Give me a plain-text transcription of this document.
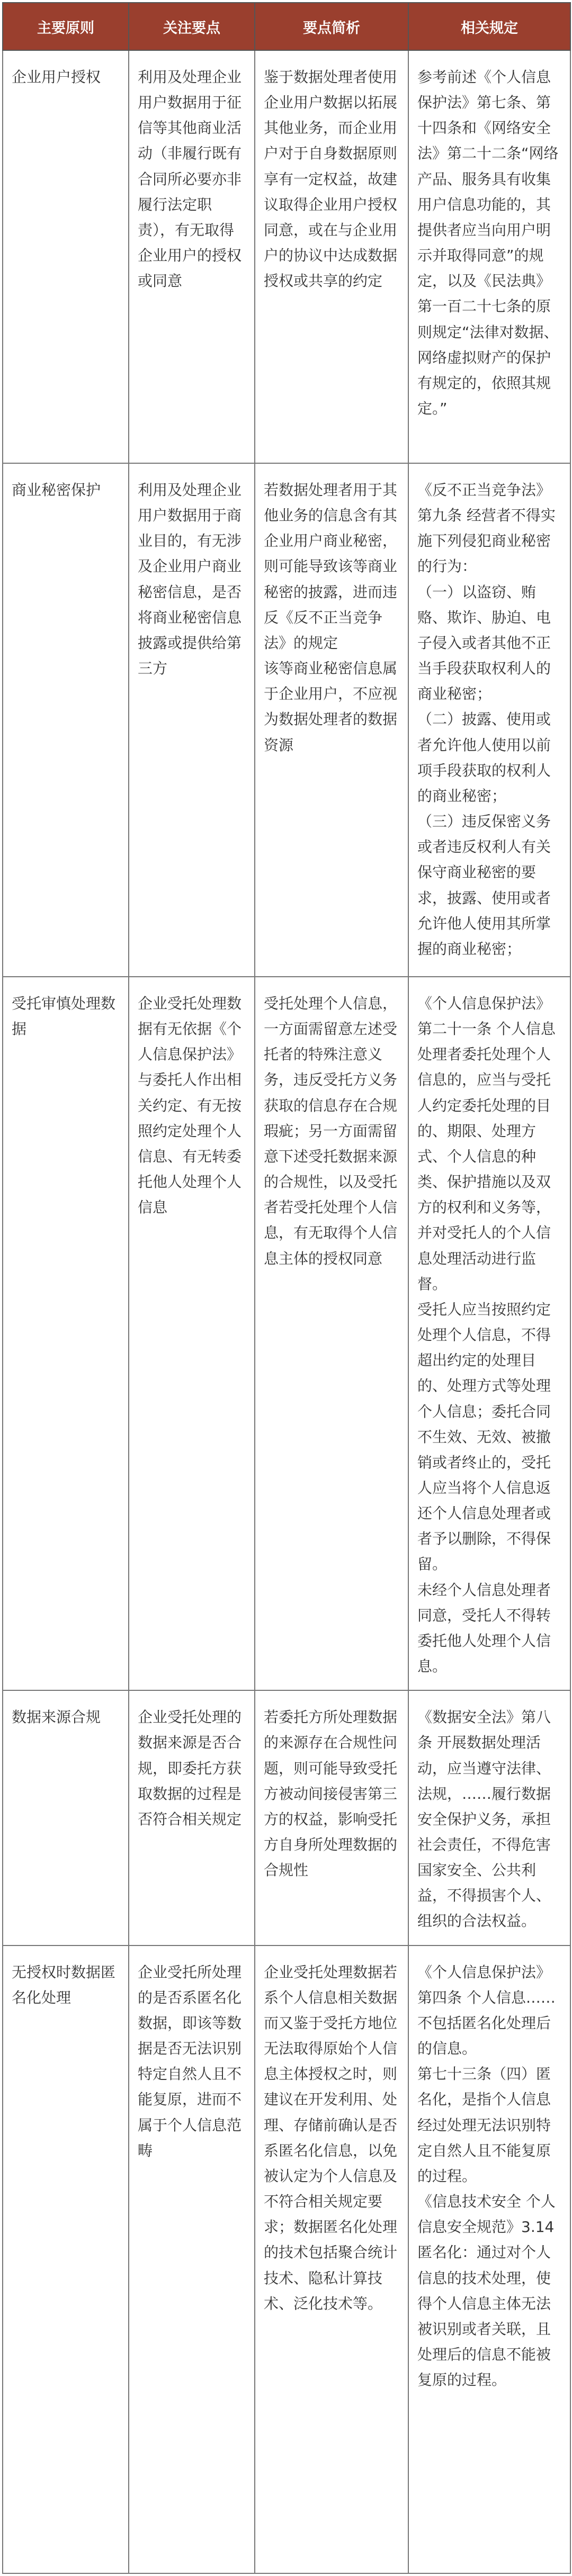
主要原则	关注要点	要点简析	相关规定

企业用户授权	利用及处理企业用户数据用于征信等其他商业活动（非履行既有合同所必要亦非履行法定职责），有无取得企业用户的授权或同意	鉴于数据处理者使用企业用户数据以拓展其他业务，而企业用户对于自身数据原则享有一定权益，故建议取得企业用户授权同意，或在与企业用户的协议中达成数据授权或共享的约定	参考前述《个人信息保护法》第七条、第十四条和《网络安全法》第二十二条“网络产品、服务具有收集用户信息功能的，其提供者应当向用户明示并取得同意”的规定，以及《民法典》第一百二十七条的原则规定“法律对数据、网络虚拟财产的保护有规定的，依照其规定。”

商业秘密保护	利用及处理企业用户数据用于商业目的，有无涉及企业用户商业秘密信息，是否将商业秘密信息披露或提供给第三方	若数据处理者用于其他业务的信息含有其企业用户商业秘密，则可能导致该等商业秘密的披露，进而违反《反不正当竞争法》的规定
该等商业秘密信息属于企业用户，不应视为数据处理者的数据资源	《反不正当竞争法》第九条 经营者不得实施下列侵犯商业秘密的行为：
（一）以盗窃、贿赂、欺诈、胁迫、电子侵入或者其他不正当手段获取权利人的商业秘密；
（二）披露、使用或者允许他人使用以前项手段获取的权利人的商业秘密；
（三）违反保密义务或者违反权利人有关保守商业秘密的要求，披露、使用或者允许他人使用其所掌握的商业秘密；

受托审慎处理数据	企业受托处理数据有无依据《个人信息保护法》与委托人作出相关约定、有无按照约定处理个人信息、有无转委托他人处理个人信息	受托处理个人信息，一方面需留意左述受托者的特殊注意义务，违反受托方义务获取的信息存在合规瑕疵；另一方面需留意下述受托数据来源的合规性，以及受托者若受托处理个人信息，有无取得个人信息主体的授权同意	《个人信息保护法》第二十一条 个人信息处理者委托处理个人信息的，应当与受托人约定委托处理的目的、期限、处理方式、个人信息的种类、保护措施以及双方的权利和义务等，并对受托人的个人信息处理活动进行监督。
受托人应当按照约定处理个人信息，不得超出约定的处理目的、处理方式等处理个人信息；委托合同不生效、无效、被撤销或者终止的，受托人应当将个人信息返还个人信息处理者或者予以删除，不得保留。
未经个人信息处理者同意，受托人不得转委托他人处理个人信息。

数据来源合规	企业受托处理的数据来源是否合规，即委托方获取数据的过程是否符合相关规定	若委托方所处理数据的来源存在合规性问题，则可能导致受托方被动间接侵害第三方的权益，影响受托方自身所处理数据的合规性	《数据安全法》第八条 开展数据处理活动，应当遵守法律、法规，……履行数据安全保护义务，承担社会责任，不得危害国家安全、公共利益，不得损害个人、组织的合法权益。

无授权时数据匿名化处理	企业受托所处理的是否系匿名化数据，即该等数据是否无法识别特定自然人且不能复原，进而不属于个人信息范畴	企业受托处理数据若系个人信息相关数据而又鉴于受托方地位无法取得原始个人信息主体授权之时，则建议在开发利用、处理、存储前确认是否系匿名化信息，以免被认定为个人信息及不符合相关规定要求；数据匿名化处理的技术包括聚合统计技术、隐私计算技术、泛化技术等。	《个人信息保护法》第四条 个人信息……不包括匿名化处理后的信息。
第七十三条（四）匿名化，是指个人信息经过处理无法识别特定自然人且不能复原的过程。
《信息技术安全 个人信息安全规范》3.14 匿名化：通过对个人信息的技术处理，使得个人信息主体无法被识别或者关联，且处理后的信息不能被复原的过程。
